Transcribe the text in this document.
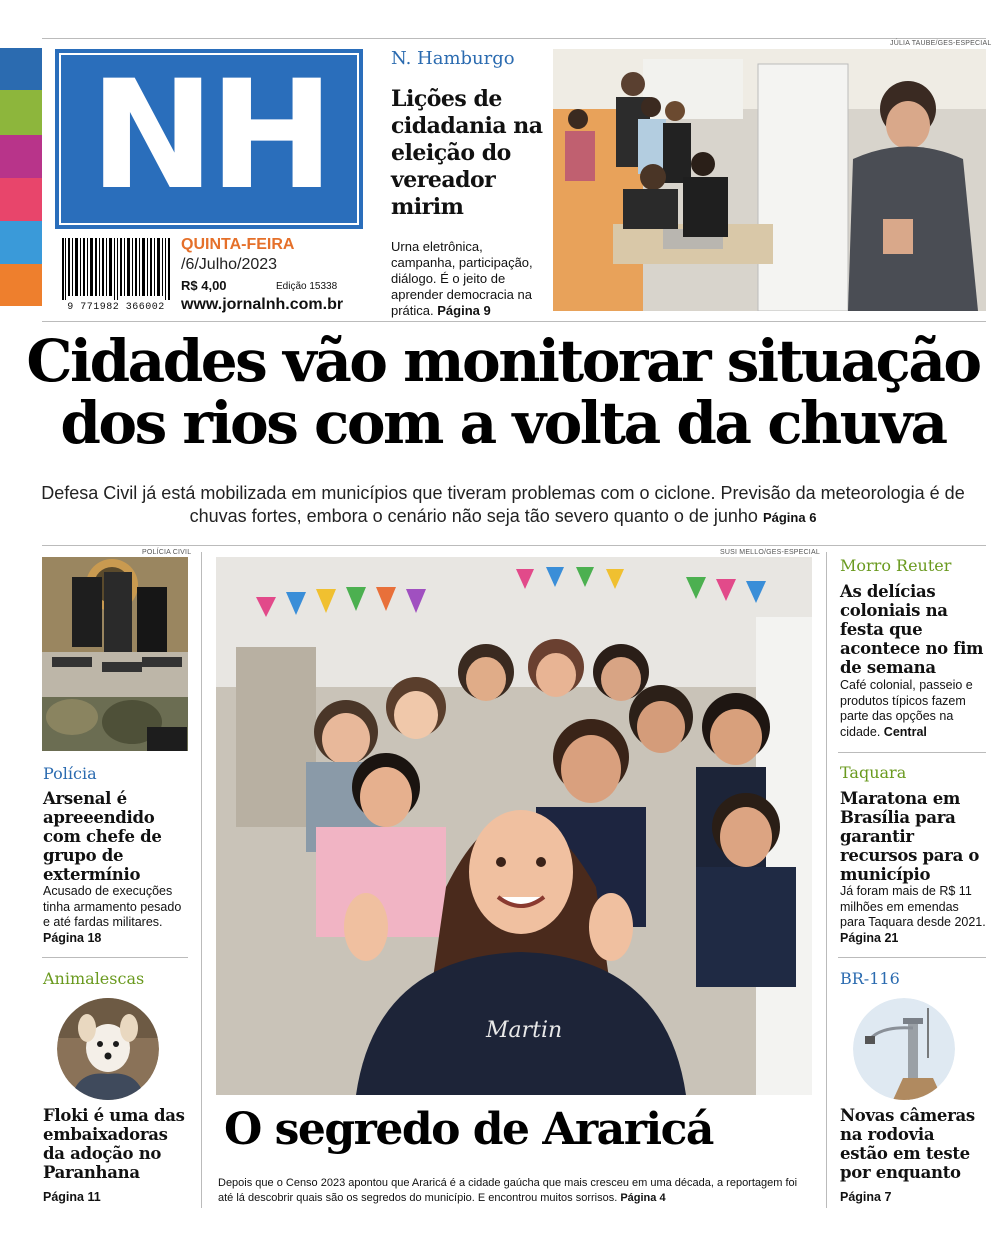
NH
9 771982 366002
QUINTA-FEIRA
/6/Julho/2023
R$ 4,00	Edição 15338
www.jornalnh.com.br
N. Hamburgo
Lições de cidadania na eleição do vereador mirim
Urna eletrônica, campanha, participação, diálogo. É o jeito de aprender democracia na prática. Página 9
JÚLIA TAUBE/GES-ESPECIAL
Cidades vão monitorar situação dos rios com a volta da chuva
Defesa Civil já está mobilizada em municípios que tiveram problemas com o ciclone. Previsão da meteorologia é de chuvas fortes, embora o cenário não seja tão severo quanto o de junho Página 6
POLÍCIA CIVIL
Polícia
Arsenal é apreeendido com chefe de grupo de extermínio
Acusado de execuções tinha armamento pesado e até fardas militares. Página 18
Animalescas
Floki é uma das embaixadoras da adoção no Paranhana
Página 11
SUSI MELLO/GES-ESPECIAL
Martin
O segredo de Araricá
Depois que o Censo 2023 apontou que Araricá é a cidade gaúcha que mais cresceu em uma década, a reportagem foi até lá descobrir quais são os segredos do município. E encontrou muitos sorrisos. Página 4
Morro Reuter
As delícias coloniais na festa que acontece no fim de semana
Café colonial, passeio e produtos típicos fazem parte das opções na cidade. Central
Taquara
Maratona em Brasília para garantir recursos para o município
Já foram mais de R$ 11 milhões em emendas para Taquara desde 2021. Página 21
BR-116
Novas câmeras na rodovia estão em teste por enquanto
Página 7
